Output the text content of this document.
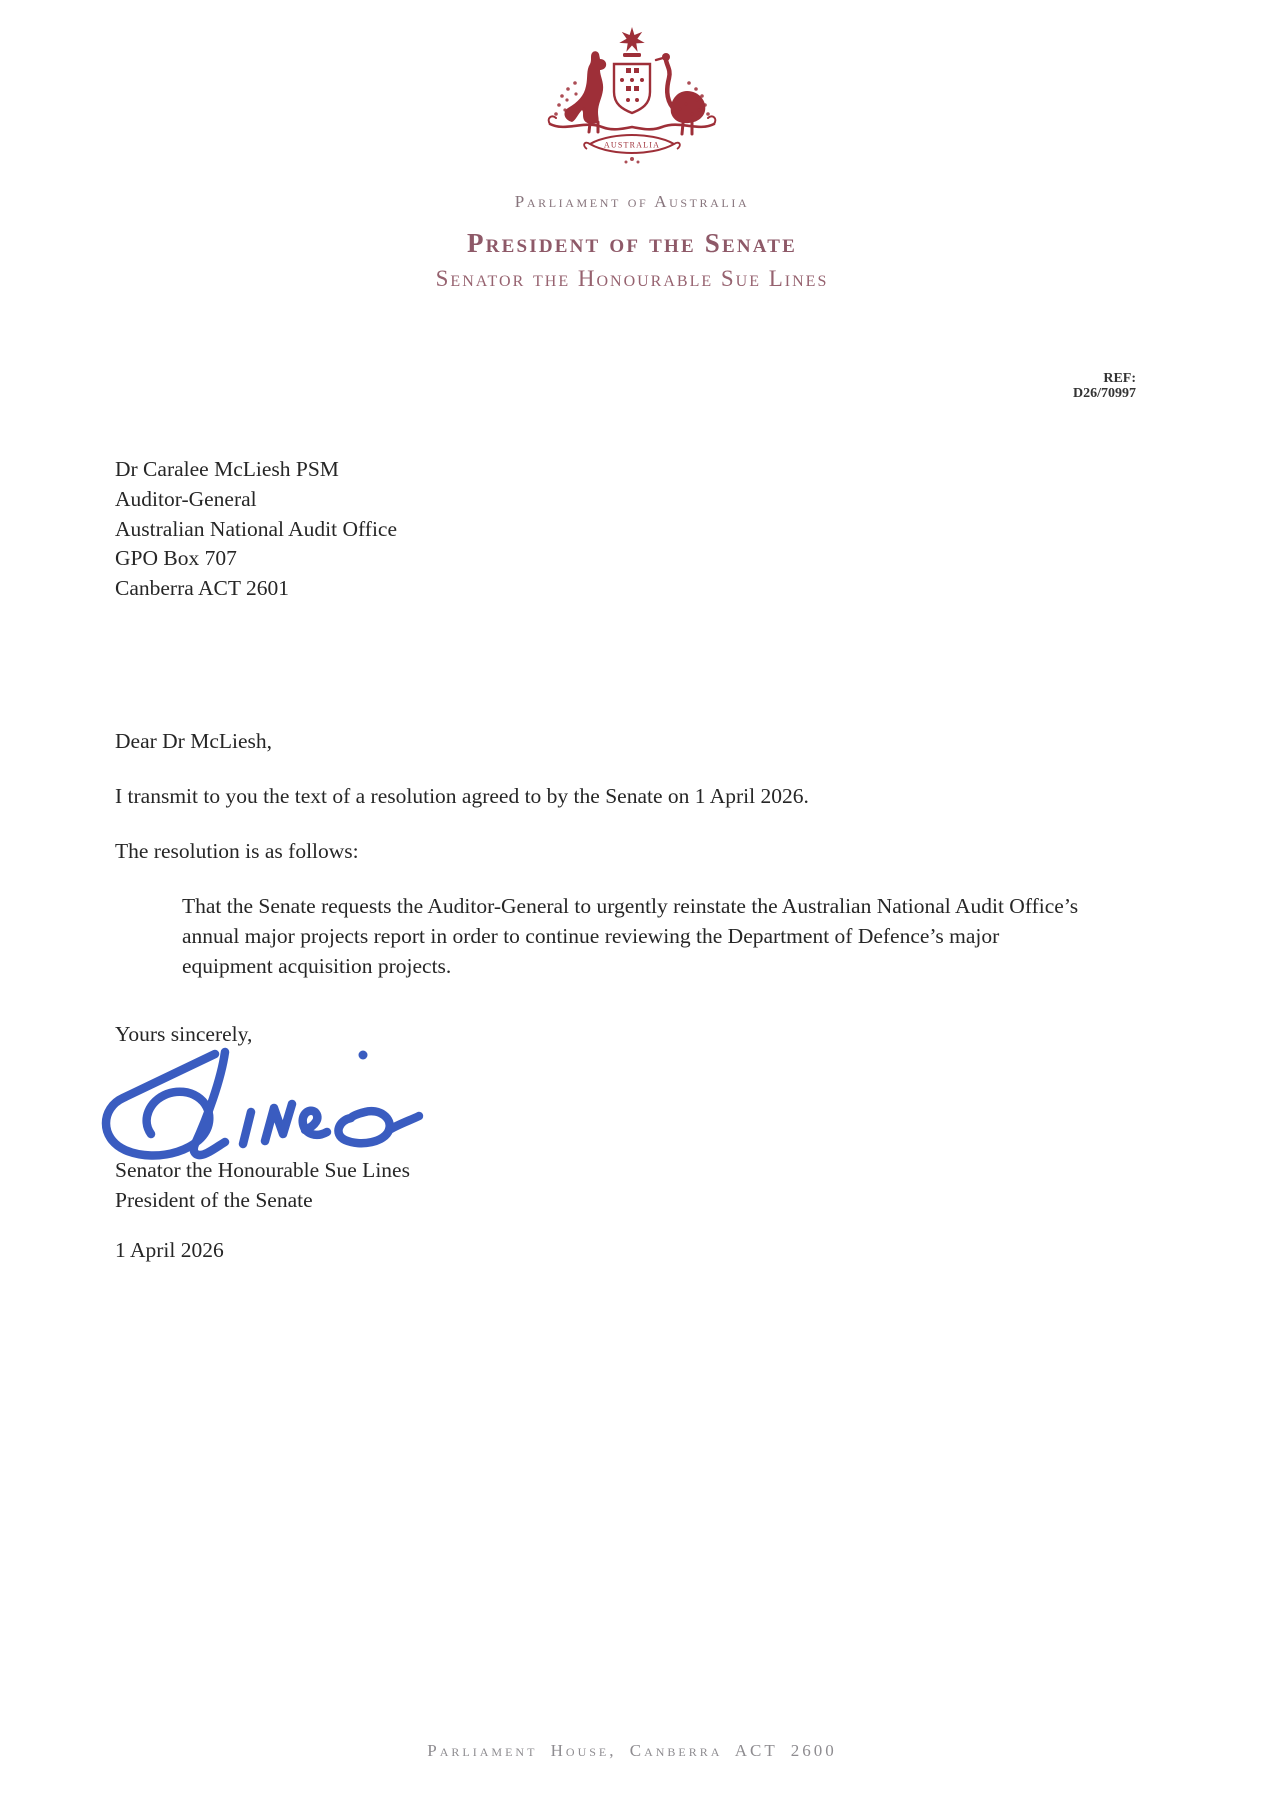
AUSTRALIA
Parliament of Australia
President of the Senate
Senator the Honourable Sue Lines
REF:
D26/70997
Dr Caralee McLiesh PSM
Auditor-General
Australian National Audit Office
GPO Box 707
Canberra ACT 2601
Dear Dr McLiesh,
I transmit to you the text of a resolution agreed to by the Senate on 1 April 2026.
The resolution is as follows:
That the Senate requests the Auditor-General to urgently reinstate the Australian National Audit Office’s annual major projects report in order to continue reviewing the Department of Defence’s major equipment acquisition projects.
Yours sincerely,
Senator the Honourable Sue Lines
President of the Senate
1 April 2026
Parliament House, Canberra ACT 2600
